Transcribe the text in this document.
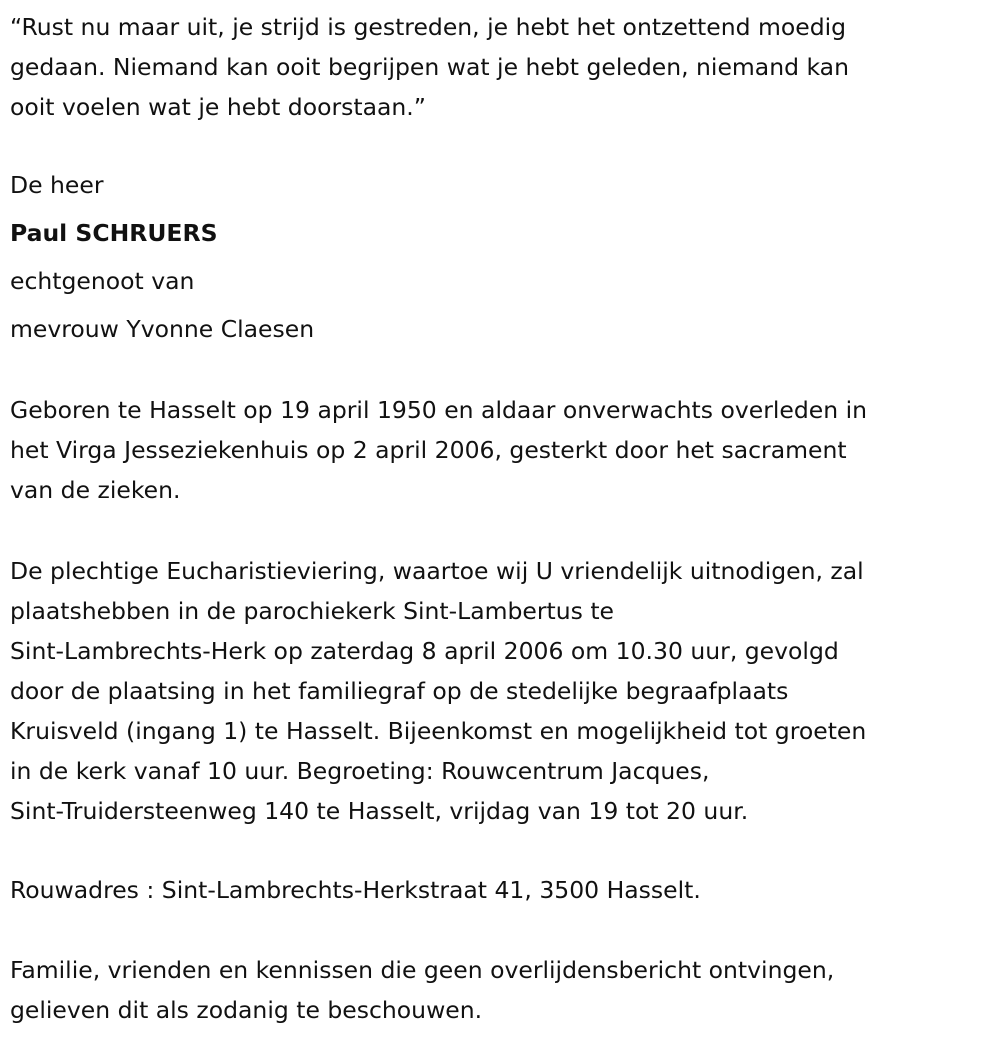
“Rust nu maar uit, je strijd is gestreden, je hebt het ontzettend moedig
gedaan. Niemand kan ooit begrijpen wat je hebt geleden, niemand kan
ooit voelen wat je hebt doorstaan.”
De heer
Paul SCHRUERS
echtgenoot van
mevrouw Yvonne Claesen
Geboren te Hasselt op 19 april 1950 en aldaar onverwachts overleden in
het Virga Jesseziekenhuis op 2 april 2006, gesterkt door het sacrament
van de zieken.
De plechtige Eucharistieviering, waartoe wij U vriendelijk uitnodigen, zal
plaatshebben in de parochiekerk Sint-Lambertus te
Sint-Lambrechts-Herk op zaterdag 8 april 2006 om 10.30 uur, gevolgd
door de plaatsing in het familiegraf op de stedelijke begraafplaats
Kruisveld (ingang 1) te Hasselt. Bijeenkomst en mogelijkheid tot groeten
in de kerk vanaf 10 uur. Begroeting: Rouwcentrum Jacques,
Sint-Truidersteenweg 140 te Hasselt, vrijdag van 19 tot 20 uur.
Rouwadres : Sint-Lambrechts-Herkstraat 41, 3500 Hasselt.
Familie, vrienden en kennissen die geen overlijdensbericht ontvingen,
gelieven dit als zodanig te beschouwen.
